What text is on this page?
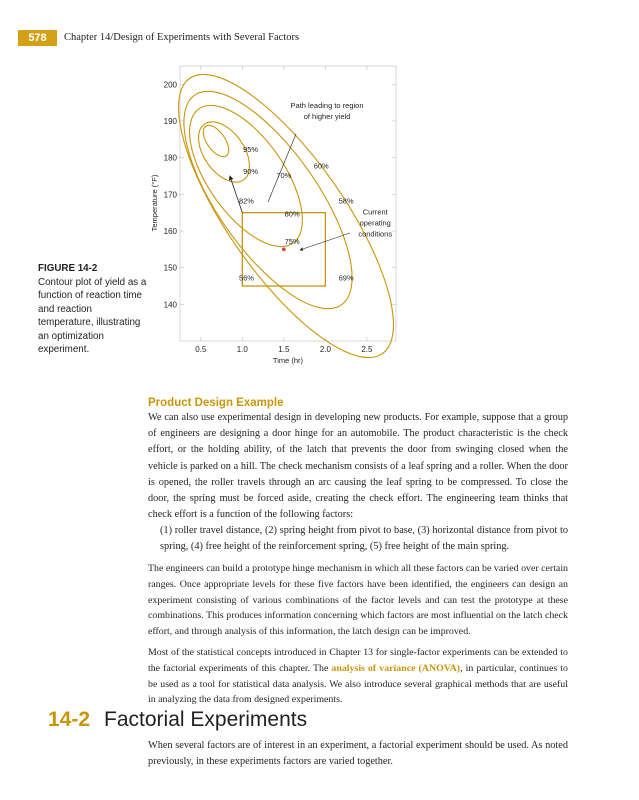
578	Chapter 14/Design of Experiments with Several Factors
0.5	1.0	1.5	2.0	2.5
140
150
160
170
180
190
200
95%
90% 70%
60%
82%
80%
58%
75%
56%	69%
Path leading to region
of higher yield
Current
operating
conditions
Time (hr)
Temperature (°F)
FIGURE 14-2
Contour plot of yield as a function of reaction time and reaction temperature, illustrating an optimization experiment.
Product Design Example
We can also use experimental design in developing new products. For example, suppose that a group of engineers are designing a door hinge for an automobile. The product characteristic is the check effort, or the holding ability, of the latch that prevents the door from swinging closed when the vehicle is parked on a hill. The check mechanism consists of a leaf spring and a roller. When the door is opened, the roller travels through an arc causing the leaf spring to be compressed. To close the door, the spring must be forced aside, creating the check effort. The engineering team thinks that check effort is a function of the following factors:
(1) roller travel distance, (2) spring height from pivot to base, (3) horizontal distance from pivot to spring, (4) free height of the reinforcement spring, (5) free height of the main spring.
The engineers can build a prototype hinge mechanism in which all these factors can be varied over certain ranges. Once appropriate levels for these five factors have been identified, the engineers can design an experiment consisting of various combinations of the factor levels and can test the prototype at these combinations. This produces information concerning which factors are most influential on the latch check effort, and through analysis of this information, the latch design can be improved.
Most of the statistical concepts introduced in Chapter 13 for single-factor experiments can be extended to the factorial experiments of this chapter. The analysis of variance (ANOVA), in particular, continues to be used as a tool for statistical data analysis. We also introduce several graphical methods that are useful in analyzing the data from designed experiments.
14-2 Factorial Experiments
When several factors are of interest in an experiment, a factorial experiment should be used. As noted previously, in these experiments factors are varied together.
